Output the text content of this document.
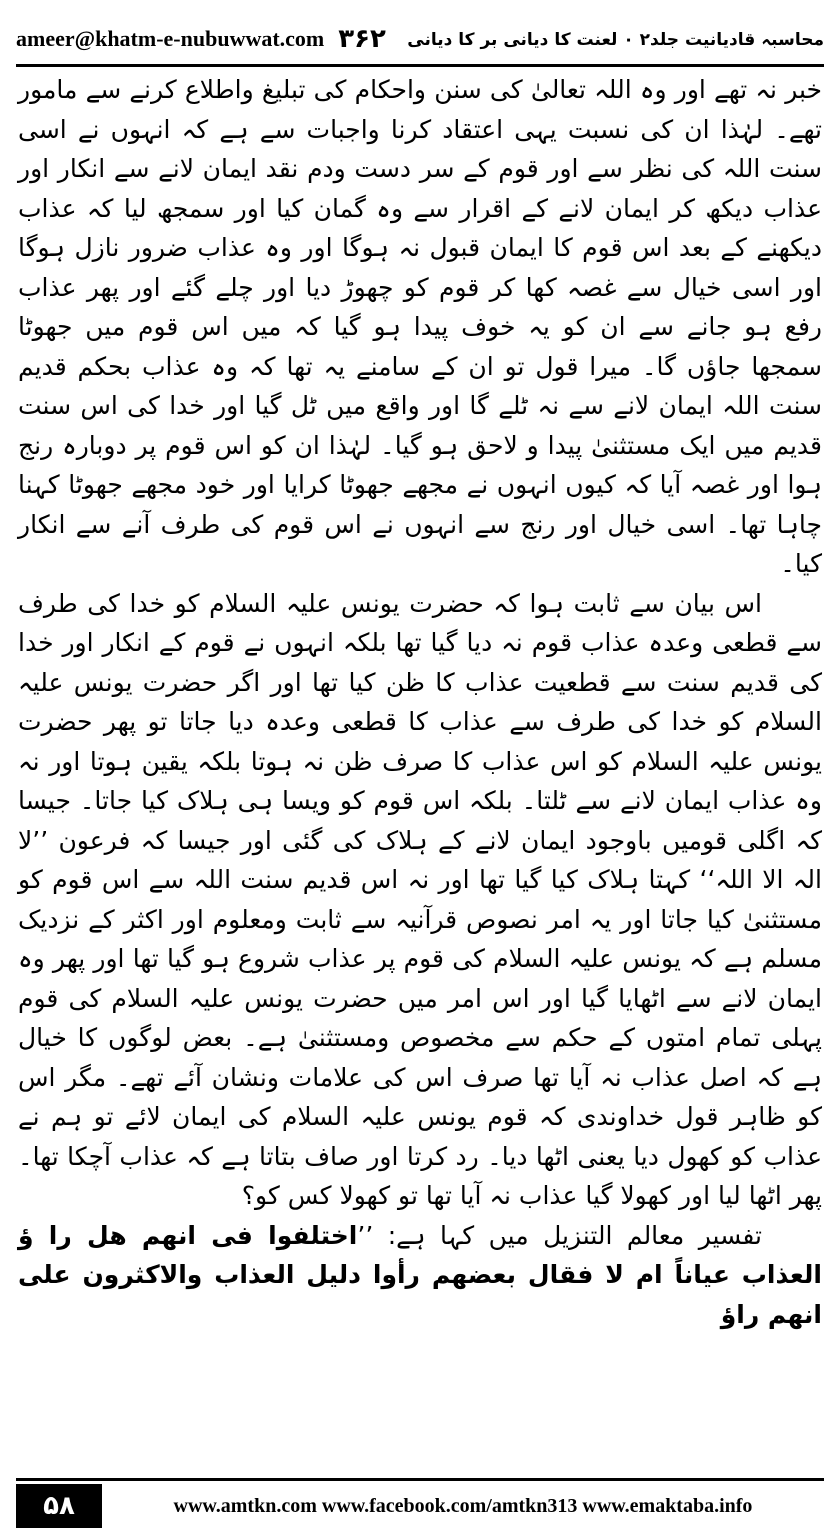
ameer@khatm-e-nubuwwat.com ۳۶۲ محاسبہ قادیانیت جلد۲ ۰ لعنت کا دیانی بر کا دیانی

خبر نہ تھے اور وہ اللہ تعالیٰ کی سنن واحکام کی تبلیغ واطلاع کرنے سے مامور تھے۔ لہٰذا ان کی نسبت یہی اعتقاد کرنا واجبات سے ہے کہ انہوں نے اسی سنت اللہ کی نظر سے اور قوم کے سر دست ودم نقد ایمان لانے سے انکار اور عذاب دیکھ کر ایمان لانے کے اقرار سے وہ گمان کیا اور سمجھ لیا کہ عذاب دیکھنے کے بعد اس قوم کا ایمان قبول نہ ہوگا اور وہ عذاب ضرور نازل ہوگا اور اسی خیال سے غصہ کھا کر قوم کو چھوڑ دیا اور چلے گئے اور پھر عذاب رفع ہو جانے سے ان کو یہ خوف پیدا ہو گیا کہ میں اس قوم میں جھوٹا سمجھا جاؤں گا۔ میرا قول تو ان کے سامنے یہ تھا کہ وہ عذاب بحکم قدیم سنت اللہ ایمان لانے سے نہ ٹلے گا اور واقع میں ٹل گیا اور خدا کی اس سنت قدیم میں ایک مستثنیٰ پیدا و لاحق ہو گیا۔ لہٰذا ان کو اس قوم پر دوبارہ رنج ہوا اور غصہ آیا کہ کیوں انہوں نے مجھے جھوٹا کرایا اور خود مجھے جھوٹا کہنا چاہا تھا۔ اسی خیال اور رنج سے انہوں نے اس قوم کی طرف آنے سے انکار کیا۔

اس بیان سے ثابت ہوا کہ حضرت یونس علیہ السلام کو خدا کی طرف سے قطعی وعدہ عذاب قوم نہ دیا گیا تھا بلکہ انہوں نے قوم کے انکار اور خدا کی قدیم سنت سے قطعیت عذاب کا ظن کیا تھا اور اگر حضرت یونس علیہ السلام کو خدا کی طرف سے عذاب کا قطعی وعدہ دیا جاتا تو پھر حضرت یونس علیہ السلام کو اس عذاب کا صرف ظن نہ ہوتا بلکہ یقین ہوتا اور نہ وہ عذاب ایمان لانے سے ٹلتا۔ بلکہ اس قوم کو ویسا ہی ہلاک کیا جاتا۔ جیسا کہ اگلی قومیں باوجود ایمان لانے کے ہلاک کی گئی اور جیسا کہ فرعون ’’لا الہ الا اللہ‘‘ کہتا ہلاک کیا گیا تھا اور نہ اس قدیم سنت اللہ سے اس قوم کو مستثنیٰ کیا جاتا اور یہ امر نصوص قرآنیہ سے ثابت ومعلوم اور اکثر کے نزدیک مسلم ہے کہ یونس علیہ السلام کی قوم پر عذاب شروع ہو گیا تھا اور پھر وہ ایمان لانے سے اٹھایا گیا اور اس امر میں حضرت یونس علیہ السلام کی قوم پہلی تمام امتوں کے حکم سے مخصوص ومستثنیٰ ہے۔ بعض لوگوں کا خیال ہے کہ اصل عذاب نہ آیا تھا صرف اس کی علامات ونشان آئے تھے۔ مگر اس کو ظاہر قول خداوندی کہ قوم یونس علیہ السلام کی ایمان لائے تو ہم نے عذاب کو کھول دیا یعنی اٹھا دیا۔ رد کرتا اور صاف بتاتا ہے کہ عذاب آچکا تھا۔ پھر اٹھا لیا اور کھولا گیا عذاب نہ آیا تھا تو کھولا کس کو؟

تفسیر معالم التنزیل میں کہا ہے: ’’اختلفوا فی انهم هل را ؤ العذاب عیاناً ام لا فقال بعضهم رأوا دلیل العذاب والاکثرون علی انهم راؤ

۵۸	www.amtkn.com www.facebook.com/amtkn313 www.emaktaba.info
